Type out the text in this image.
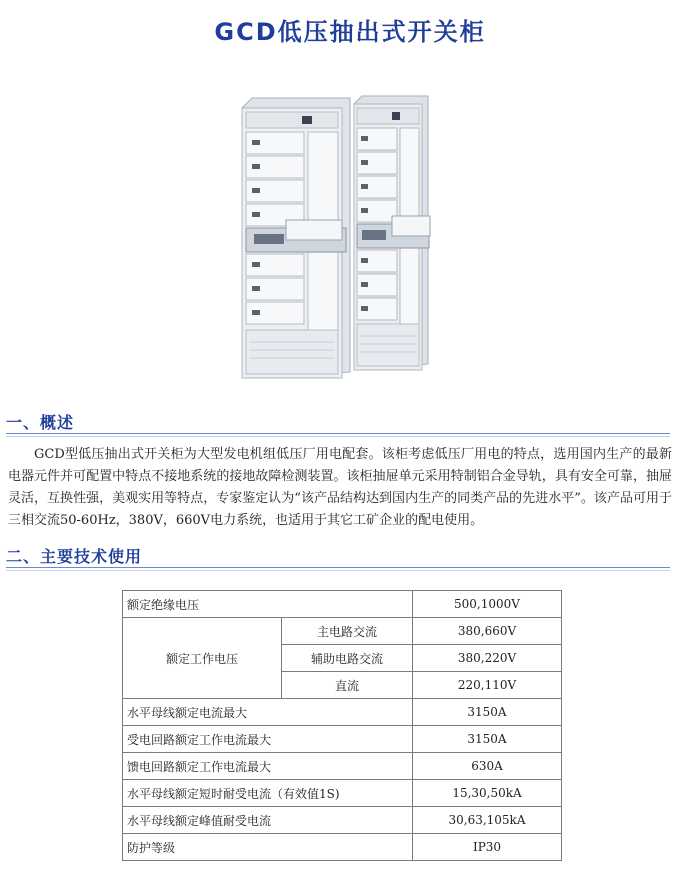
GCD低压抽出式开关柜
一、概述
GCD型低压抽出式开关柜为大型发电机组低压厂用电配套。该柜考虑低压厂用电的特点，选用国内生产的最新电器元件并可配置中特点不接地系统的接地故障检测装置。该柜抽屉单元采用特制铝合金导轨，具有安全可靠，抽屉灵活，互换性强，美观实用等特点，专家鉴定认为“该产品结构达到国内生产的同类产品的先进水平”。该产品可用于三相交流50-60Hz，380V，660V电力系统，也适用于其它工矿企业的配电使用。
二、主要技术使用
额定绝缘电压		500,1000V
额定工作电压	主电路交流	380,660V
	辅助电路交流	380,220V
	直流	220,110V
水平母线额定电流最大		3150A
受电回路额定工作电流最大		3150A
馈电回路额定工作电流最大		630A
水平母线额定短时耐受电流（有效值1S)		15,30,50kA
水平母线额定峰值耐受电流		30,63,105kA
防护等级		IP30
